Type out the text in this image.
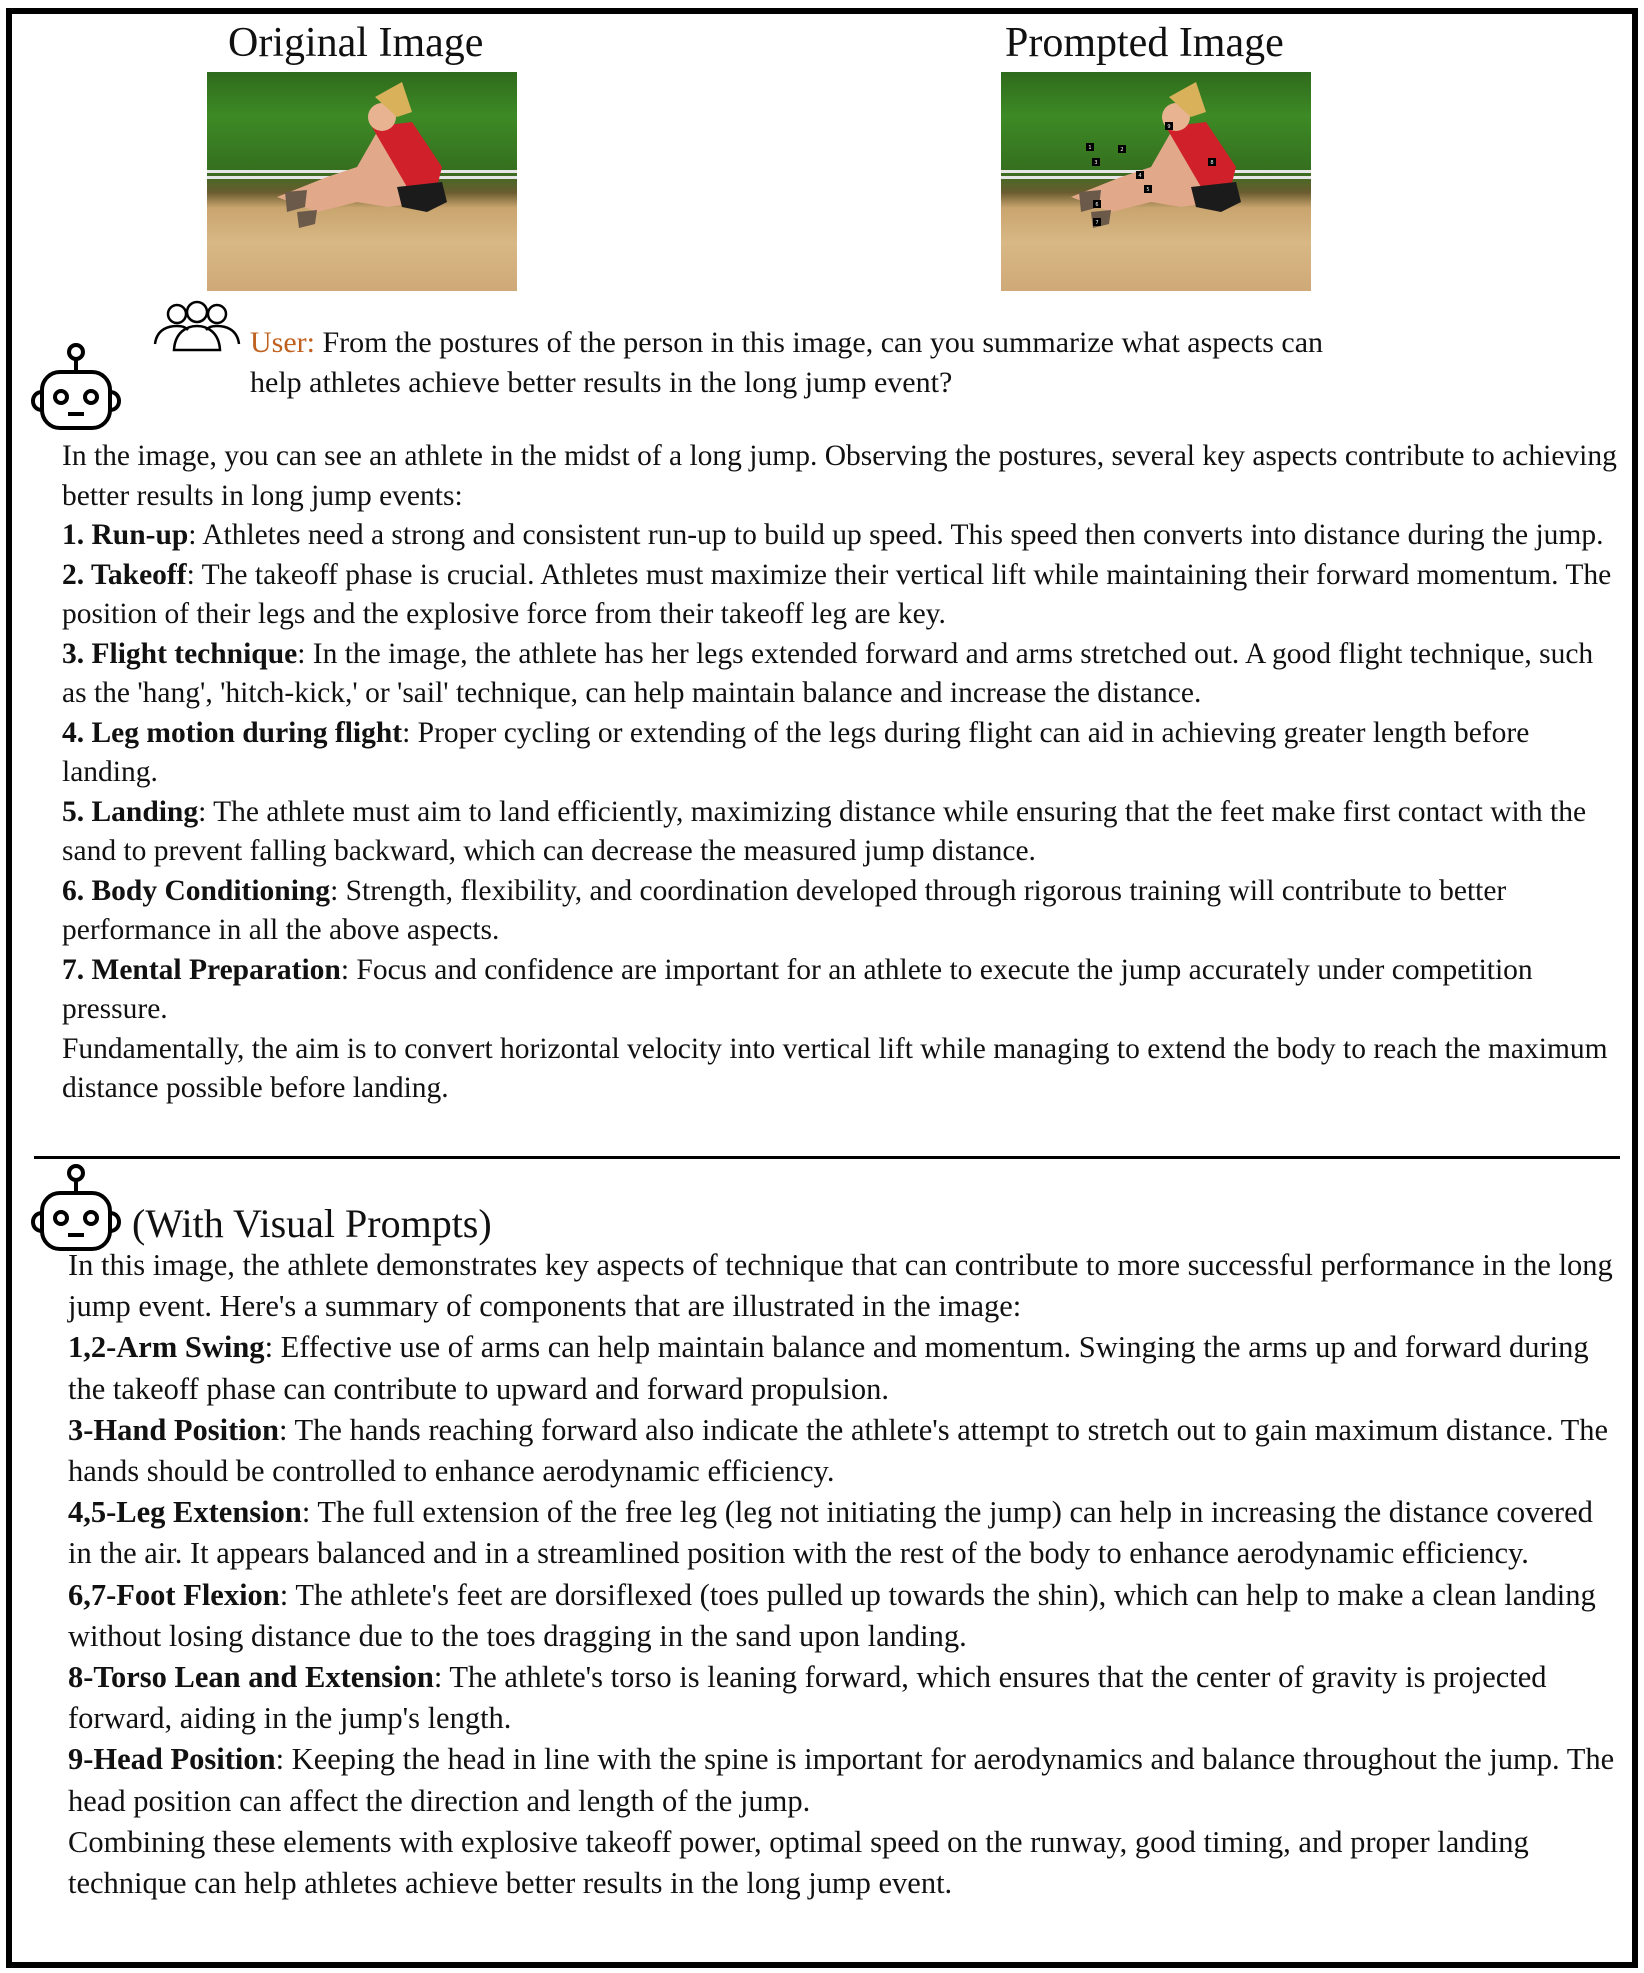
Original Image	Prompted Image
1	2
3
4
5
6
7
8
9
User: From the postures of the person in this image, can you summarize what aspects can help athletes achieve better results in the long jump event?

In the image, you can see an athlete in the midst of a long jump. Observing the postures, several key aspects contribute to achieving better results in long jump events:

1. Run-up: Athletes need a strong and consistent run-up to build up speed. This speed then converts into distance during the jump.

2. Takeoff: The takeoff phase is crucial. Athletes must maximize their vertical lift while maintaining their forward momentum. The position of their legs and the explosive force from their takeoff leg are key.

3. Flight technique: In the image, the athlete has her legs extended forward and arms stretched out. A good flight technique, such as the 'hang', 'hitch-kick,' or 'sail' technique, can help maintain balance and increase the distance.

4. Leg motion during flight: Proper cycling or extending of the legs during flight can aid in achieving greater length before landing.

5. Landing: The athlete must aim to land efficiently, maximizing distance while ensuring that the feet make first contact with the sand to prevent falling backward, which can decrease the measured jump distance.

6. Body Conditioning: Strength, flexibility, and coordination developed through rigorous training will contribute to better performance in all the above aspects.

7. Mental Preparation: Focus and confidence are important for an athlete to execute the jump accurately under competition pressure.

Fundamentally, the aim is to convert horizontal velocity into vertical lift while managing to extend the body to reach the maximum distance possible before landing.

(With Visual Prompts)

In this image, the athlete demonstrates key aspects of technique that can contribute to more successful performance in the long jump event. Here's a summary of components that are illustrated in the image:

1,2-Arm Swing: Effective use of arms can help maintain balance and momentum. Swinging the arms up and forward during the takeoff phase can contribute to upward and forward propulsion.

3-Hand Position: The hands reaching forward also indicate the athlete's attempt to stretch out to gain maximum distance. The hands should be controlled to enhance aerodynamic efficiency.

4,5-Leg Extension: The full extension of the free leg (leg not initiating the jump) can help in increasing the distance covered in the air. It appears balanced and in a streamlined position with the rest of the body to enhance aerodynamic efficiency.

6,7-Foot Flexion: The athlete's feet are dorsiflexed (toes pulled up towards the shin), which can help to make a clean landing without losing distance due to the toes dragging in the sand upon landing.

8-Torso Lean and Extension: The athlete's torso is leaning forward, which ensures that the center of gravity is projected forward, aiding in the jump's length.

9-Head Position: Keeping the head in line with the spine is important for aerodynamics and balance throughout the jump. The head position can affect the direction and length of the jump.

Combining these elements with explosive takeoff power, optimal speed on the runway, good timing, and proper landing technique can help athletes achieve better results in the long jump event.
